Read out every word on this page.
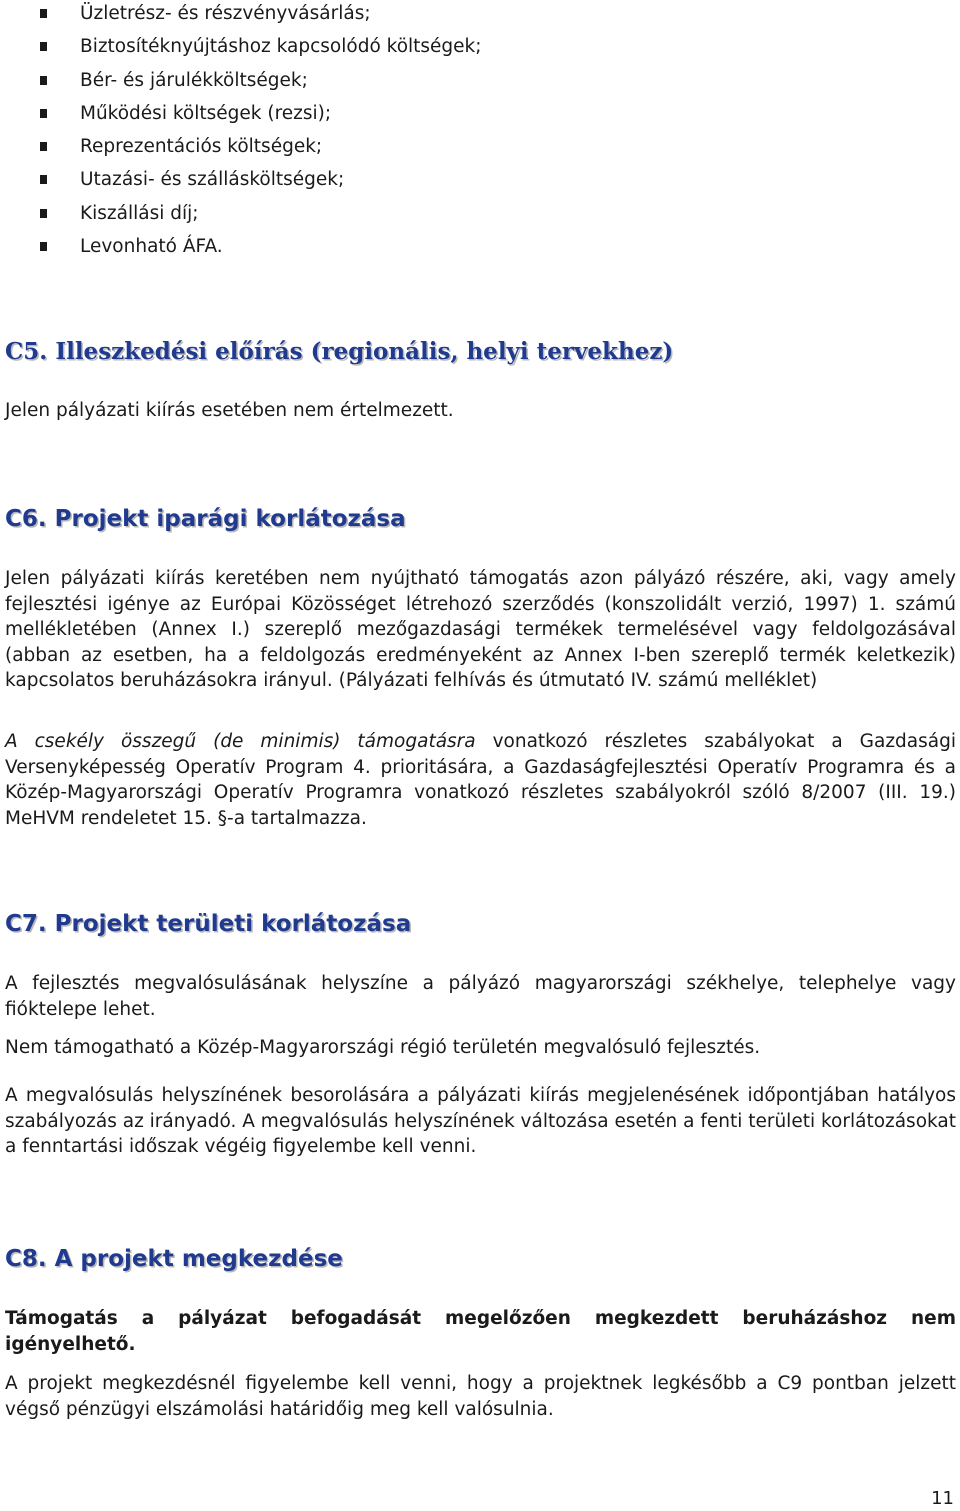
Üzletrész- és részvényvásárlás;
Biztosítéknyújtáshoz kapcsolódó költségek;
Bér- és járulékköltségek;
Működési költségek (rezsi);
Reprezentációs költségek;
Utazási- és szállásköltségek;
Kiszállási díj;
Levonható ÁFA.
C5. Illeszkedési előírás (regionális, helyi tervekhez)

Jelen pályázati kiírás esetében nem értelmezett.

C6. Projekt iparági korlátozása

Jelen pályázati kiírás keretében nem nyújtható támogatás azon pályázó részére, aki, vagy amely fejlesztési igénye az Európai Közösséget létrehozó szerződés (konszolidált verzió, 1997) 1. számú mellékletében (Annex I.) szereplő mezőgazdasági termékek termelésével vagy feldolgozásával (abban az esetben, ha a feldolgozás eredményeként az Annex I-ben szereplő termék keletkezik) kapcsolatos beruházásokra irányul. (Pályázati felhívás és útmutató IV. számú melléklet)

A csekély összegű (de minimis) támogatásra vonatkozó részletes szabályokat a Gazdasági Versenyképesség Operatív Program 4. prioritására, a Gazdaságfejlesztési Operatív Programra és a Közép-Magyarországi Operatív Programra vonatkozó részletes szabályokról szóló 8/2007 (III. 19.) MeHVM rendeletet 15. §-a tartalmazza.

C7. Projekt területi korlátozása

A fejlesztés megvalósulásának helyszíne a pályázó magyarországi székhelye, telephelye vagy fióktelepe lehet.

Nem támogatható a Közép-Magyarországi régió területén megvalósuló fejlesztés.

A megvalósulás helyszínének besorolására a pályázati kiírás megjelenésének időpontjában hatályos szabályozás az irányadó. A megvalósulás helyszínének változása esetén a fenti területi korlátozásokat a fenntartási időszak végéig figyelembe kell venni.

C8. A projekt megkezdése

Támogatás a pályázat befogadását megelőzően megkezdett beruházáshoz nem igényelhető.

A projekt megkezdésnél figyelembe kell venni, hogy a projektnek legkésőbb a C9 pontban jelzett végső pénzügyi elszámolási határidőig meg kell valósulnia.

11
